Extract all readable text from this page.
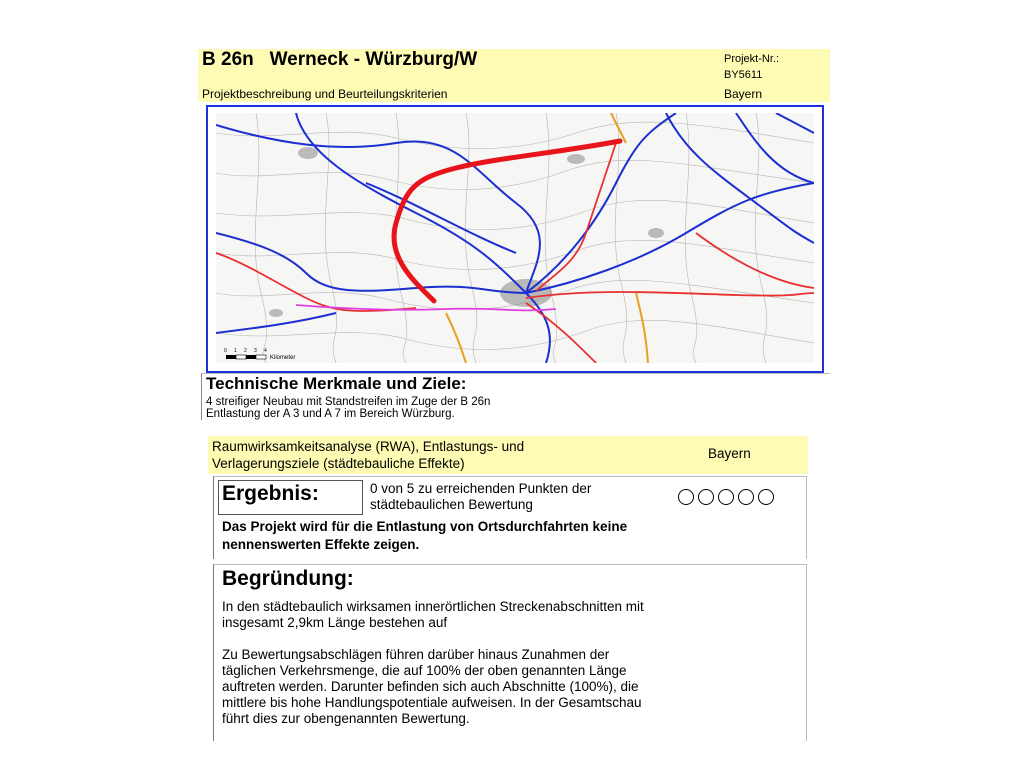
B 26n   Werneck - Würzburg/W
Projektbeschreibung und Beurteilungskriterien
Projekt-Nr.:
BY5611
Bayern
0 1 2 3 4
Kilometer
Technische Merkmale und Ziele:
4 streifiger Neubau mit Standstreifen im Zuge der B 26n
Entlastung der A 3 und A 7 im Bereich Würzburg.
Raumwirksamkeitsanalyse (RWA), Entlastungs- und
Verlagerungsziele (städtebauliche Effekte)
Bayern
Ergebnis:	0 von 5 zu erreichenden Punkten der
städtebaulichen Bewertung
Das Projekt wird für die Entlastung von Ortsdurchfahrten keine
nennenswerten Effekte zeigen.
Begründung:

In den städtebaulich wirksamen innerörtlichen Streckenabschnitten mit

insgesamt 2,9km Länge bestehen auf

Zu Bewertungsabschlägen führen darüber hinaus Zunahmen der

täglichen Verkehrsmenge, die auf 100% der oben genannten Länge

auftreten werden. Darunter befinden sich auch Abschnitte (100%), die

mittlere bis hohe Handlungspotentiale aufweisen. In der Gesamtschau

führt dies zur obengenannten Bewertung.
